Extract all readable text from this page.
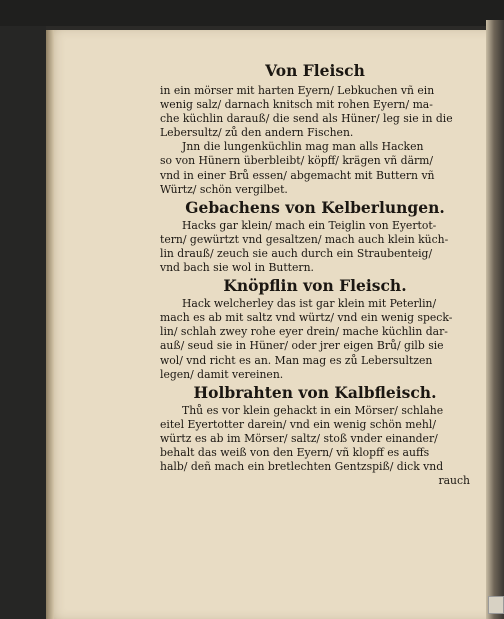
Von Fleisch
in ein mörser mit harten Eyern/ Lebkuchen vñ ein
wenig salz/ darnach knitsch mit rohen Eyern/ ma-
che küchlin darauß/ die send als Hüner/ leg sie in die
Lebersultz/ zů den andern Fischen.
Jnn die lungenküchlin mag man alls Hacken
so von Hünern überbleibt/ köpff/ krägen vñ därm/
vnd in einer Brů essen/ abgemacht mit Buttern vñ
Würtz/ schön vergilbet.
Gebachens von Kelberlungen.
Hacks gar klein/ mach ein Teiglin von Eyertot-
tern/ gewürtzt vnd gesaltzen/ mach auch klein küch-
lin drauß/ zeuch sie auch durch ein Straubenteig/
vnd bach sie wol in Buttern.
Knöpflin von Fleisch.
Hack welcherley das ist gar klein mit Peterlin/
mach es ab mit saltz vnd würtz/ vnd ein wenig speck-
lin/ schlah zwey rohe eyer drein/ mache küchlin dar-
auß/ seud sie in Hüner/ oder jrer eigen Brů/ gilb sie
wol/ vnd richt es an. Man mag es zů Lebersultzen
legen/ damit vereinen.
Holbrahten von Kalbfleisch.
Thů es vor klein gehackt in ein Mörser/ schlahe
eitel Eyertotter darein/ vnd ein wenig schön mehl/
würtz es ab im Mörser/ saltz/ stoß vnder einander/
behalt das weiß von den Eyern/ vñ klopff es auffs
halb/ deñ mach ein bretlechten Gentzspiß/ dick vnd
rauch
